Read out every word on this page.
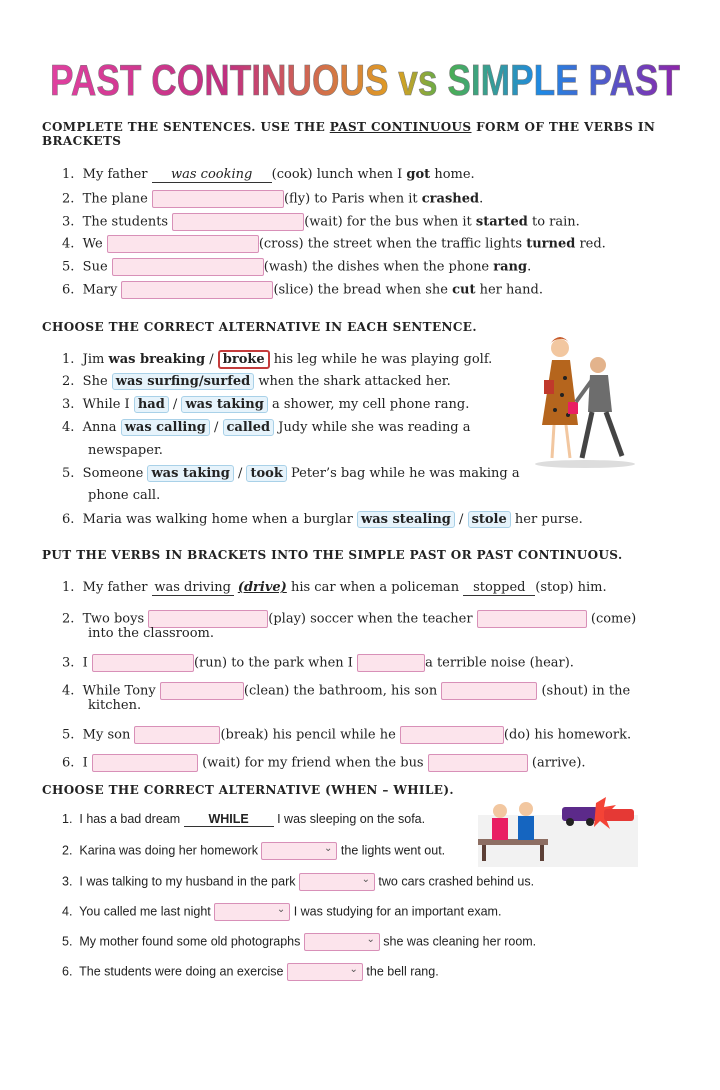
PAST CONTINUOUS vs SIMPLE PAST
COMPLETE THE SENTENCES. USE THE PAST CONTINUOUS FORM OF THE VERBS IN
BRACKETS
1. My father was cooking (cook) lunch when I got home.
2. The plane	(fly) to Paris when it crashed.
3. The students	(wait) for the bus when it started to rain.
4. We	(cross) the street when the traffic lights turned red.
5. Sue	(wash) the dishes when the phone rang.
6. Mary	(slice) the bread when she cut her hand.
CHOOSE THE CORRECT ALTERNATIVE IN EACH SENTENCE.
1. Jim was breaking / broke his leg while he was playing golf.
2. She was surfing/surfed when the shark attacked her.
3. While I had / was taking a shower, my cell phone rang.
4. Anna was calling / called Judy while she was reading a
newspaper.
5. Someone was taking / took Peter’s bag while he was making a
phone call.
6. Maria was walking home when a burglar was stealing / stole her purse.
PUT THE VERBS IN BRACKETS INTO THE SIMPLE PAST OR PAST CONTINUOUS.
1. My father was driving (drive) his car when a policeman stopped (stop) him.
2. Two boys	(play) soccer when the teacher	(come)
into the classroom.
3. I	(run) to the park when I	a terrible noise (hear).
4. While Tony	(clean) the bathroom, his son	(shout) in the
kitchen.
5. My son	(break) his pencil while he	(do) his homework.
6. I	(wait) for my friend when the bus	(arrive).
CHOOSE THE CORRECT ALTERNATIVE (WHEN – WHILE).
1. I has a bad dream WHILE I was sleeping on the sofa.
2. Karina was doing her homework	⌄ the lights went out.
3. I was talking to my husband in the park	⌄ two cars crashed behind us.
4. You called me last night	⌄ I was studying for an important exam.
5. My mother found some old photographs	⌄ she was cleaning her room.
6. The students were doing an exercise	⌄ the bell rang.
